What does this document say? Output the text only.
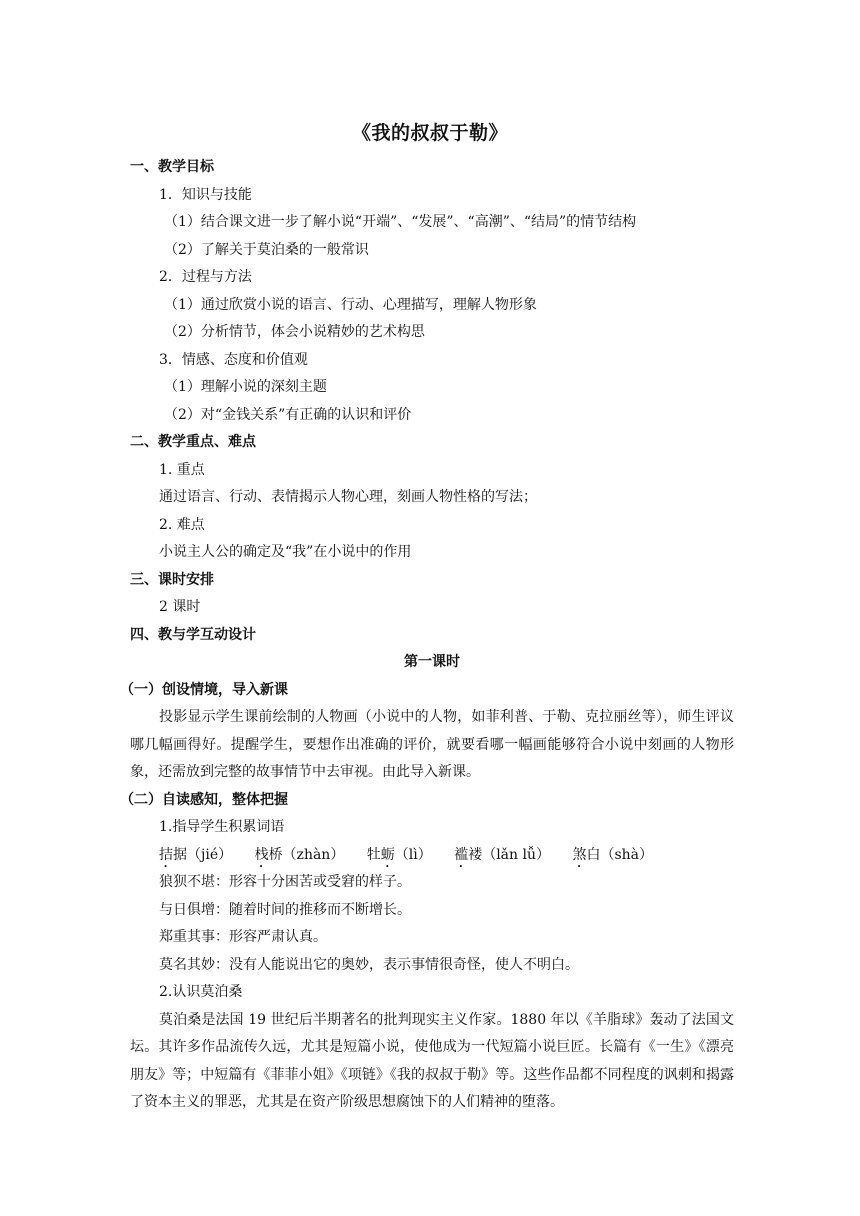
《我的叔叔于勒》
一、教学目标
1．知识与技能
（1）结合课文进一步了解小说“开端”、“发展”、“高潮”、“结局”的情节结构
（2）了解关于莫泊桑的一般常识
2．过程与方法
（1）通过欣赏小说的语言、行动、心理描写，理解人物形象
（2）分析情节，体会小说精妙的艺术构思
3．情感、态度和价值观
（1）理解小说的深刻主题
（2）对“金钱关系”有正确的认识和评价
二、教学重点、难点
1. 重点
通过语言、行动、表情揭示人物心理，刻画人物性格的写法；
2. 难点
小说主人公的确定及“我”在小说中的作用
三、课时安排
2 课时
四、教与学互动设计
第一课时
（一）创设情境，导入新课
投影显示学生课前绘制的人物画（小说中的人物，如菲利普、于勒、克拉丽丝等），师生评议哪几幅画得好。提醒学生，要想作出准确的评价，就要看哪一幅画能够符合小说中刻画的人物形象，还需放到完整的故事情节中去审视。由此导入新课。
（二）自读感知，整体把握
1.指导学生积累词语
拮据（jié） 栈桥（zhàn） 牡蛎（lì） 褴褛（lǎn lǚ） 煞白（shà）
狼狈不堪：形容十分困苦或受窘的样子。
与日俱增：随着时间的推移而不断增长。
郑重其事：形容严肃认真。
莫名其妙：没有人能说出它的奥妙，表示事情很奇怪，使人不明白。
2.认识莫泊桑
莫泊桑是法国 19 世纪后半期著名的批判现实主义作家。1880 年以《羊脂球》轰动了法国文坛。其许多作品流传久远，尤其是短篇小说，使他成为一代短篇小说巨匠。长篇有《一生》《漂亮朋友》等；中短篇有《菲菲小姐》《项链》《我的叔叔于勒》等。这些作品都不同程度的讽刺和揭露了资本主义的罪恶，尤其是在资产阶级思想腐蚀下的人们精神的堕落。
